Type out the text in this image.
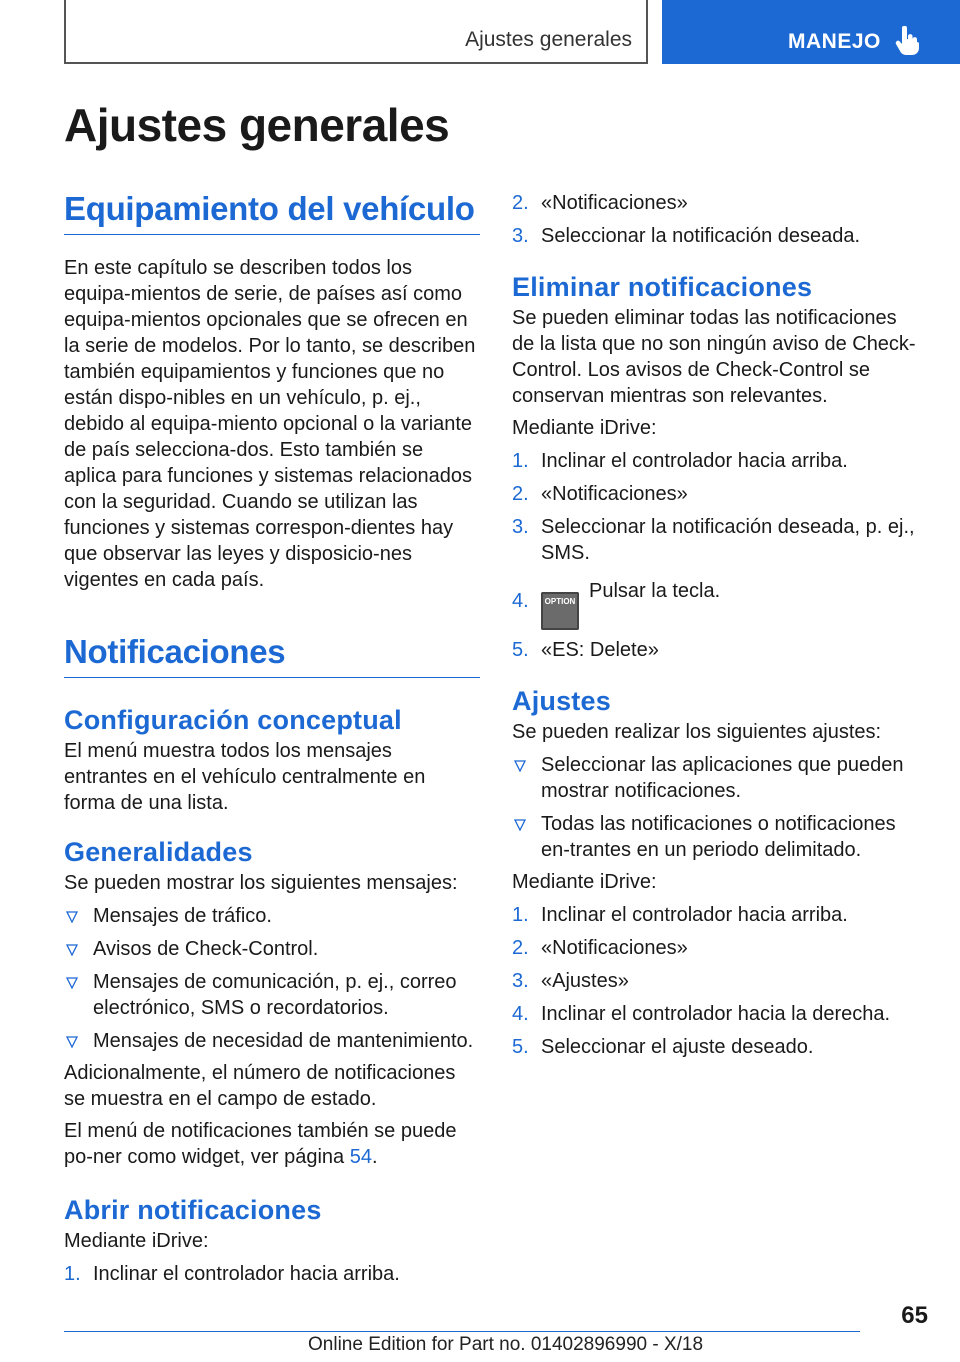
Ajustes generales	MANEJO
Ajustes generales
Equipamiento del vehículo

En este capítulo se describen todos los equipa-mientos de serie, de países así como equipa-mientos opcionales que se ofrecen en la serie de modelos. Por lo tanto, se describen también equipamientos y funciones que no están dispo-nibles en un vehículo, p. ej., debido al equipa-miento opcional o la variante de país selecciona-dos. Esto también se aplica para funciones y sistemas relacionados con la seguridad. Cuando se utilizan las funciones y sistemas correspon-dientes hay que observar las leyes y disposicio-nes vigentes en cada país.

Notificaciones
Configuración conceptual

El menú muestra todos los mensajes entrantes en el vehículo centralmente en forma de una lista.

Generalidades

Se pueden mostrar los siguientes mensajes:

Mensajes de tráfico.
Avisos de Check-Control.
Mensajes de comunicación, p. ej., correo electrónico, SMS o recordatorios.
Mensajes de necesidad de mantenimiento.

Adicionalmente, el número de notificaciones se muestra en el campo de estado.

El menú de notificaciones también se puede po-ner como widget, ver página 54.

Abrir notificaciones

Mediante iDrive:

1. Inclinar el controlador hacia arriba.
2. «Notificaciones»
3. Seleccionar la notificación deseada.
Eliminar notificaciones

Se pueden eliminar todas las notificaciones de la lista que no son ningún aviso de Check-Control. Los avisos de Check-Control se conservan mientras son relevantes.

Mediante iDrive:

1. Inclinar el controlador hacia arriba.
2. «Notificaciones»
3. Seleccionar la notificación deseada, p. ej., SMS.
4. OPTION Pulsar la tecla.
5. «ES: Delete»
Ajustes

Se pueden realizar los siguientes ajustes:

Seleccionar las aplicaciones que pueden mostrar notificaciones.
Todas las notificaciones o notificaciones en-trantes en un periodo delimitado.

Mediante iDrive:

1. Inclinar el controlador hacia arriba.
2. «Notificaciones»
3. «Ajustes»
4. Inclinar el controlador hacia la derecha.
5. Seleccionar el ajuste deseado.
65
Online Edition for Part no. 01402896990 - X/18
